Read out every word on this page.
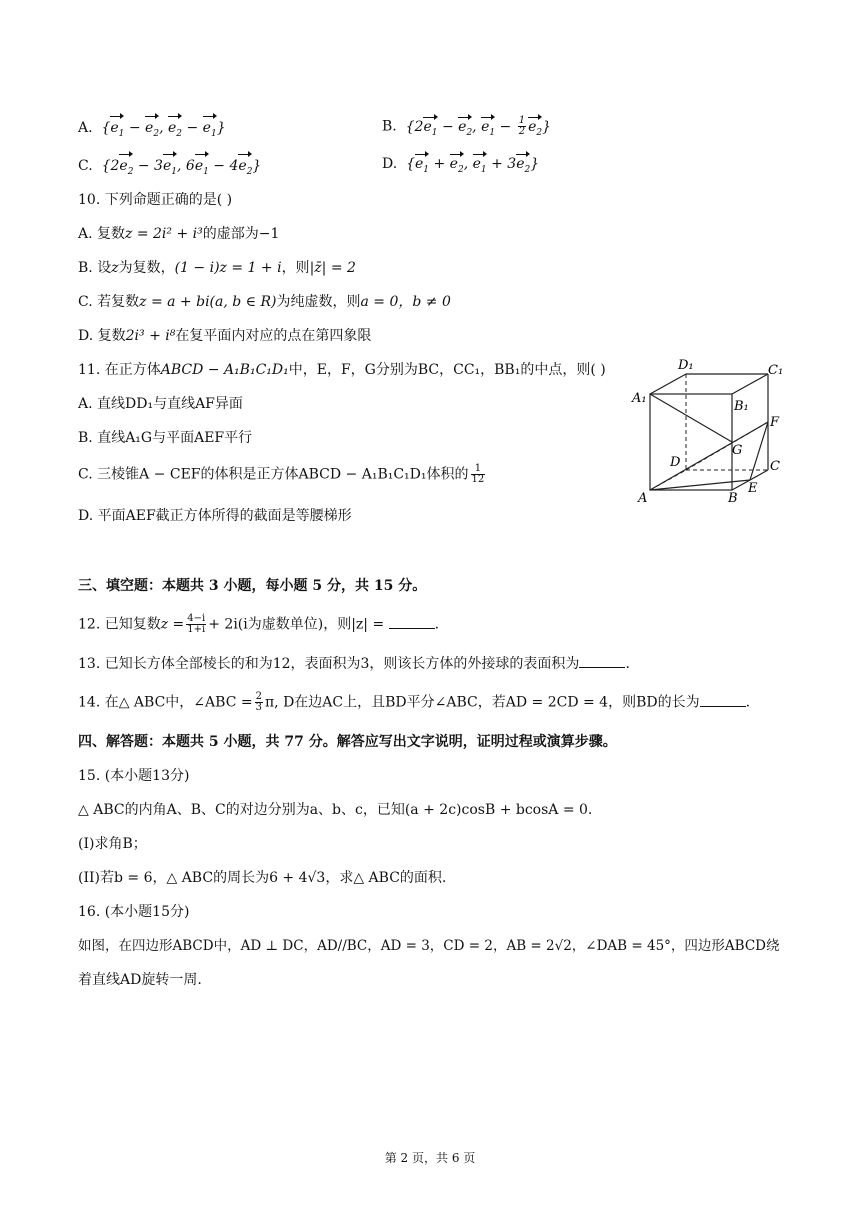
A.  {$e_1 - e_2$, $e_2 - e_1$}	B.  {$2e_1 - e_2$, $e_1 - \frac{1}{2} e_2$}
C.  {$2e_2 - 3e_1$, $6e_1 - 4e_2$}	D.  {$e_1 + e_2$, $e_1 + 3e_2$}
10. 下列命题正确的是( )
A. 复数z = 2i² + i³的虚部为−1
B. 设z为复数，(1 − i)z = 1 + i，则|z̄| = 2
C. 若复数z = a + bi(a, b ∈ R)为纯虚数，则a = 0，b ≠ 0
D. 复数2i³ + i⁸在复平面内对应的点在第四象限
11. 在正方体ABCD − A₁B₁C₁D₁中，E，F，G分别为BC，CC₁，BB₁的中点，则( )
A. 直线DD₁与直线AF异面
B. 直线A₁G与平面AEF平行
C. 三棱锥A − CEF的体积是正方体ABCD − A₁B₁C₁D₁体积的 $\frac{1}{12}$
D. 平面AEF截正方体所得的截面是等腰梯形
D₁	C₁
A₁
B₁
F
G
D	C
E
A	B
三、填空题：本题共 3 小题，每小题 5 分，共 15 分。
12. 已知复数$z = \frac{4-i}{1+i} + 2i(i$为虚数单位)，则|z| =	.
13. 已知长方体全部棱长的和为12，表面积为3，则该长方体的外接球的表面积为	.
14. 在△ ABC中，∠ABC = $\frac{2}{3} \pi$, D在边AC上，且BD平分∠ABC，若AD = 2CD = 4，则BD的长为	.
四、解答题：本题共 5 小题，共 77 分。解答应写出文字说明，证明过程或演算步骤。
15. (本小题13分)
△ ABC的内角A、B、C的对边分别为a、b、c，已知(a + 2c)cosB + bcosA = 0.
(I)求角B；
(II)若b = 6，△ ABC的周长为6 + 4√3，求△ ABC的面积.
16. (本小题15分)
如图，在四边形ABCD中，AD ⊥ DC，AD//BC，AD = 3，CD = 2，AB = 2√2，∠DAB = 45°，四边形ABCD绕
着直线AD旋转一周.
第 2 页，共 6 页
